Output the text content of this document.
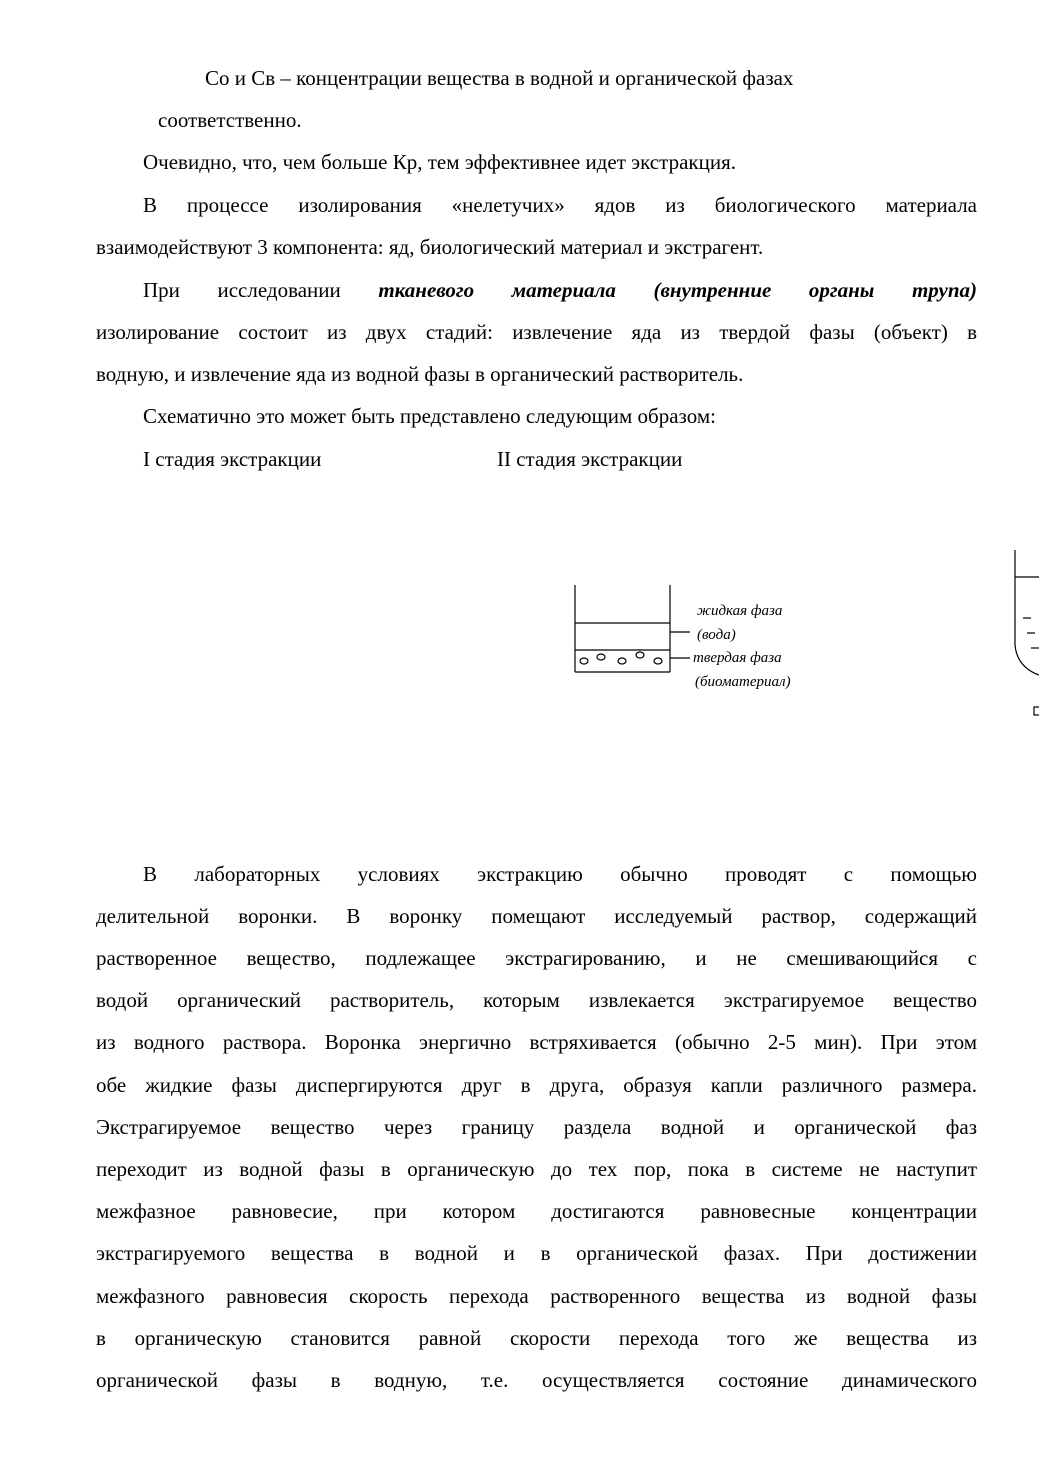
Со и Св – концентрации вещества в водной и органической фазах
соответственно.
Очевидно, что, чем больше Кр, тем эффективнее идет экстракция.
В процессе изолирования «нелетучих» ядов из биологического материала
взаимодействуют 3 компонента: яд, биологический материал и экстрагент.
При исследовании тканевого материала (внутренние органы трупа)
изолирование состоит из двух стадий: извлечение яда из твердой фазы (объект) в
водную, и извлечение яда из водной фазы в органический растворитель.
Схематично это может быть представлено следующим образом:
I стадия экстракции	II стадия экстракции
жидкая фаза
(вода)
твердая фаза
(биоматериал)
В лабораторных условиях экстракцию обычно проводят с помощью
делительной воронки. В воронку помещают исследуемый раствор, содержащий
растворенное вещество, подлежащее экстрагированию, и не смешивающийся с
водой органический растворитель, которым извлекается экстрагируемое вещество
из водного раствора. Воронка энергично встряхивается (обычно 2-5 мин). При этом
обе жидкие фазы диспергируются друг в друга, образуя капли различного размера.
Экстрагируемое вещество через границу раздела водной и органической фаз
переходит из водной фазы в органическую до тех пор, пока в системе не наступит
межфазное равновесие, при котором достигаются равновесные концентрации
экстрагируемого вещества в водной и в органической фазах. При достижении
межфазного равновесия скорость перехода растворенного вещества из водной фазы
в органическую становится равной скорости перехода того же вещества из
органической фазы в водную, т.е. осуществляется состояние динамического
